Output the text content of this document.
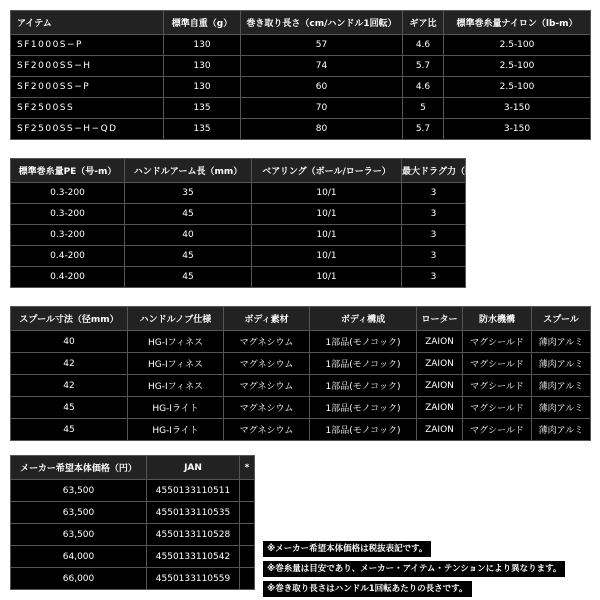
アイテム	標準自重（g）	巻き取り長さ（cm/ハンドル1回転）	ギア比	標準巻糸量ナイロン（lb-m）
SF1000S−P	130	57	4.6	2.5-100
SF2000SS−H	130	74	5.7	2.5-100
SF2000SS−P	130	60	4.6	2.5-100
SF2500SS	135	70	5	3-150
SF2500SS−H−QD	135	80	5.7	3-150
標準巻糸量PE（号-m）	ハンドルアーム長（mm）	ベアリング（ボール/ローラー）	最大ドラグ力（kg）
0.3-200	35	10/1	3
0.3-200	45	10/1	3
0.3-200	40	10/1	3
0.4-200	45	10/1	3
0.4-200	45	10/1	3
スプール寸法（径mm）	ハンドルノブ仕様	ボディ素材	ボディ構成	ローター	防水機構	スプール
40	HG-Iフィネス	マグネシウム	1部品(モノコック)	ZAION	マグシールド	薄肉アルミ
42	HG-Iフィネス	マグネシウム	1部品(モノコック)	ZAION	マグシールド	薄肉アルミ
42	HG-Iフィネス	マグネシウム	1部品(モノコック)	ZAION	マグシールド	薄肉アルミ
45	HG-Iライト	マグネシウム	1部品(モノコック)	ZAION	マグシールド	薄肉アルミ
45	HG-Iライト	マグネシウム	1部品(モノコック)	ZAION	マグシールド	薄肉アルミ
メーカー希望本体価格（円）	JAN	*
63,500	4550133110511	
63,500	4550133110535	
63,500	4550133110528	
64,000	4550133110542	
66,000	4550133110559	
※メーカー希望本体価格は税抜表記です。
※巻糸量は目安であり、メーカー・アイテム・テンションにより異なります。
※巻き取り長さはハンドル1回転あたりの長さです。
